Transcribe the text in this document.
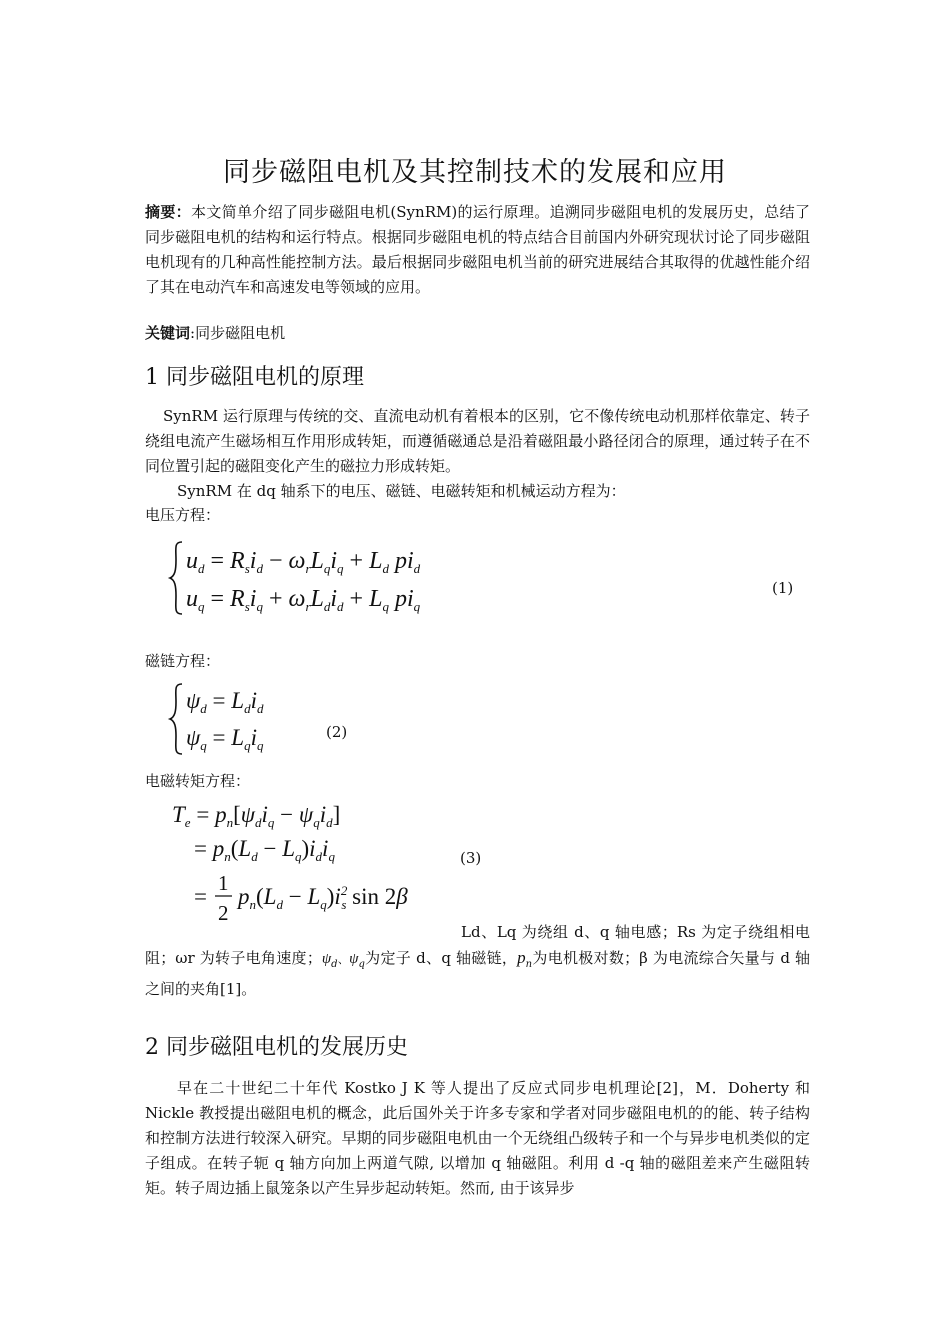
同步磁阻电机及其控制技术的发展和应用

摘要：本文简单介绍了同步磁阻电机(SynRM)的运行原理。追溯同步磁阻电机的发展历史，总结了同步磁阻电机的结构和运行特点。根据同步磁阻电机的特点结合目前国内外研究现状讨论了同步磁阻电机现有的几种高性能控制方法。最后根据同步磁阻电机当前的研究进展结合其取得的优越性能介绍了其在电动汽车和高速发电等领域的应用。

关键词:同步磁阻电机

1 同步磁阻电机的原理

SynRM 运行原理与传统的交、直流电动机有着根本的区别，它不像传统电动机那样依靠定、转子绕组电流产生磁场相互作用形成转矩，而遵循磁通总是沿着磁阻最小路径闭合的原理，通过转子在不同位置引起的磁阻变化产生的磁拉力形成转矩。

SynRM 在 dq 轴系下的电压、磁链、电磁转矩和机械运动方程为：

电压方程：

$u_d = R_si_d - \omega_rL_qi_q + L_d$ $pi_d$
$u_q = R_si_q + \omega_rL_di_d + L_q$ $pi_q$
(1)

磁链方程：

$\psi_d = L_di_d$
$\psi_q = L_qi_q$
(2)

电磁转矩方程：

$T_e = p_n[\psi_di_q - \psi_qi_d]$
= $p_n(L_d - L_q)i_di_q$
=
1
2
$p_n(L_d - L_q)i^2$ s sin 2β
(3)

Ld、Lq 为绕组 d、q 轴电感；Rs 为定子绕组相电阻；ωr 为转子电角速度；$\psi_d$、$\psi_q$为定子 d、q 轴磁链，$p_n$为电机极对数；β 为电流综合矢量与 d 轴之间的夹角[1]。

2 同步磁阻电机的发展历史

早在二十世纪二十年代 Kostko J K 等人提出了反应式同步电机理论[2]，M．Doherty 和 Nickle 教授提出磁阻电机的概念，此后国外关于许多专家和学者对同步磁阻电机的的能、转子结构和控制方法进行较深入研究。早期的同步磁阻电机由一个无绕组凸级转子和一个与异步电机类似的定子组成。在转子轭 q 轴方向加上两道气隙, 以增加 q 轴磁阻。利用 d -q 轴的磁阻差来产生磁阻转矩。转子周边插上鼠笼条以产生异步起动转矩。然而, 由于该异步
